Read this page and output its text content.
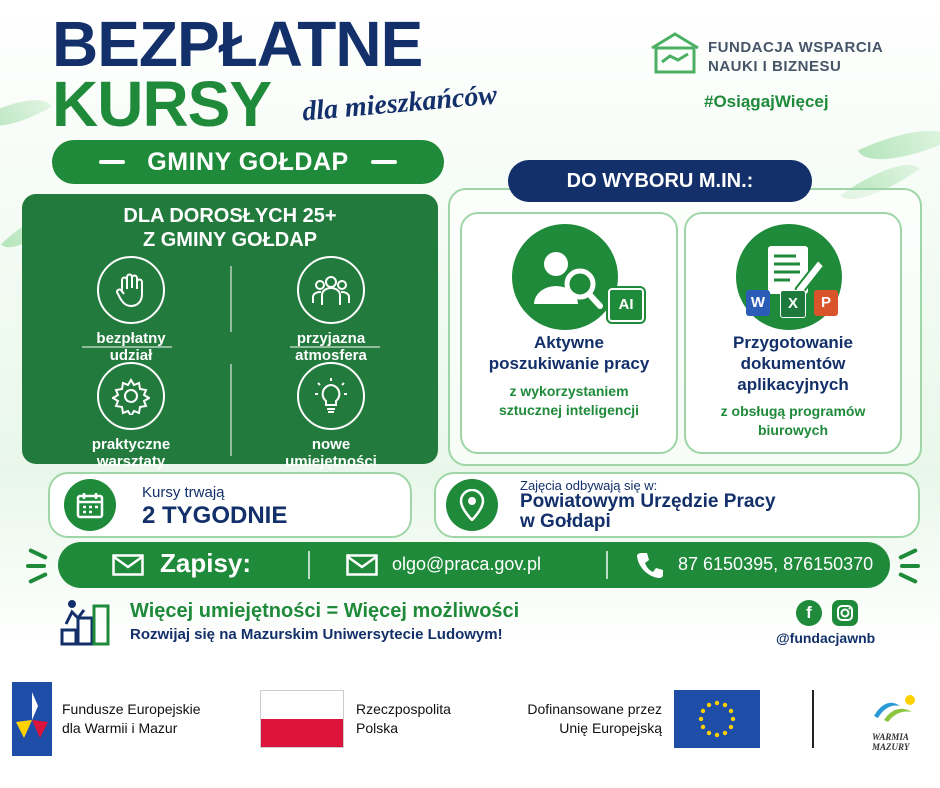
BEZPŁATNE
KURSY dla mieszkańców
GMINY GOŁDAP
FUNDACJA WSPARCIA
NAUKI I BIZNESU
#OsiągajWięcej
DLA DOROSŁYCH 25+
Z GMINY GOŁDAP
bezpłatny
udział
przyjazna
atmosfera
praktyczne
warsztaty
nowe
umiejętności
DO WYBORU M.IN.:
AI
Aktywne
poszukiwanie pracy
z wykorzystaniem
sztucznej inteligencji
W	X	P
Przygotowanie
dokumentów
aplikacyjnych
z obsługą programów
biurowych
Kursy trwają
2 TYGODNIE
Zajęcia odbywają się w:
Powiatowym Urzędzie Pracy
w Gołdapi
Zapisy:	olgo@praca.gov.pl	87 6150395, 876150370
Więcej umiejętności = Więcej możliwości
Rozwijaj się na Mazurskim Uniwersytecie Ludowym!
f
@fundacjawnb
Fundusze Europejskie
dla Warmii i Mazur
Rzeczpospolita
Polska
Dofinansowane przez
Unię Europejską
WARMIA
MAZURY
